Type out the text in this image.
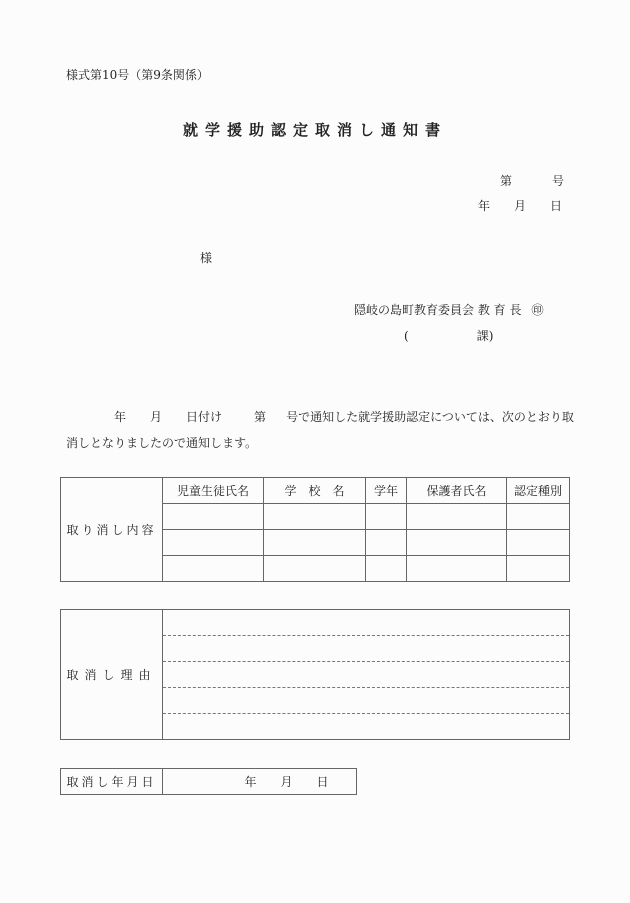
様式第10号（第9条関係）
就学援助認定取消し通知書
第	号
年 月 日
様
隠岐の島町教育委員会 教 育 長 ㊞
(	課)
年 月 日付け	第 号で通知した就学援助認定については、次のとおり取消しとなりましたので通知します。
取り消し内容	児童生徒氏名	学　校　名	学年	保護者氏名	認定種別

取消し理由	

取消し年月日	年 月 日
